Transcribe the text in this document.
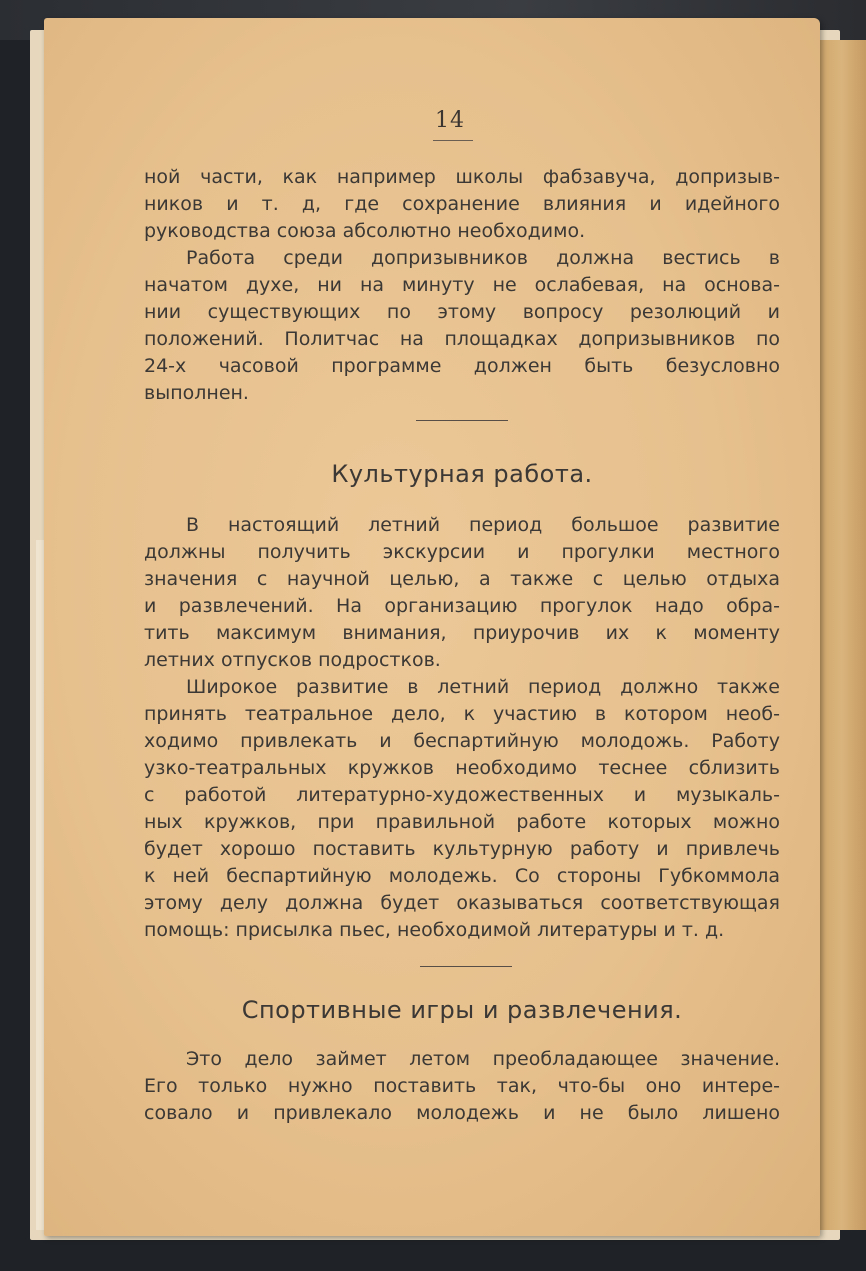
14
ной части, как например школы фабзавуча, допризыв-
ников и т. д, где сохранение влияния и идейного
руководства союза абсолютно необходимо.
Работа среди допризывников должна вестись в
начатом духе, ни на минуту не ослабевая, на основа-
нии существующих по этому вопросу резолюций и
положений. Политчас на площадках допризывников по
24-х часовой программе должен быть безусловно
выполнен.
Культурная работа.
В настоящий летний период большое развитие
должны получить экскурсии и прогулки местного
значения с научной целью, а также с целью отдыха
и развлечений. На организацию прогулок надо обра-
тить максимум внимания, приурочив их к моменту
летних отпусков подростков.
Широкое развитие в летний период должно также
принять театральное дело, к участию в котором необ-
ходимо привлекать и беспартийную молодожь. Работу
узко-театральных кружков необходимо теснее сблизить
с работой литературно-художественных и музыкаль-
ных кружков, при правильной работе которых можно
будет хорошо поставить культурную работу и привлечь
к ней беспартийную молодежь. Со стороны Губкоммола
этому делу должна будет оказываться соответствующая
помощь: присылка пьес, необходимой литературы и т. д.
Спортивные игры и развлечения.
Это дело займет летом преобладающее значение.
Его только нужно поставить так, что-бы оно интере-
совало и привлекало молодежь и не было лишено
